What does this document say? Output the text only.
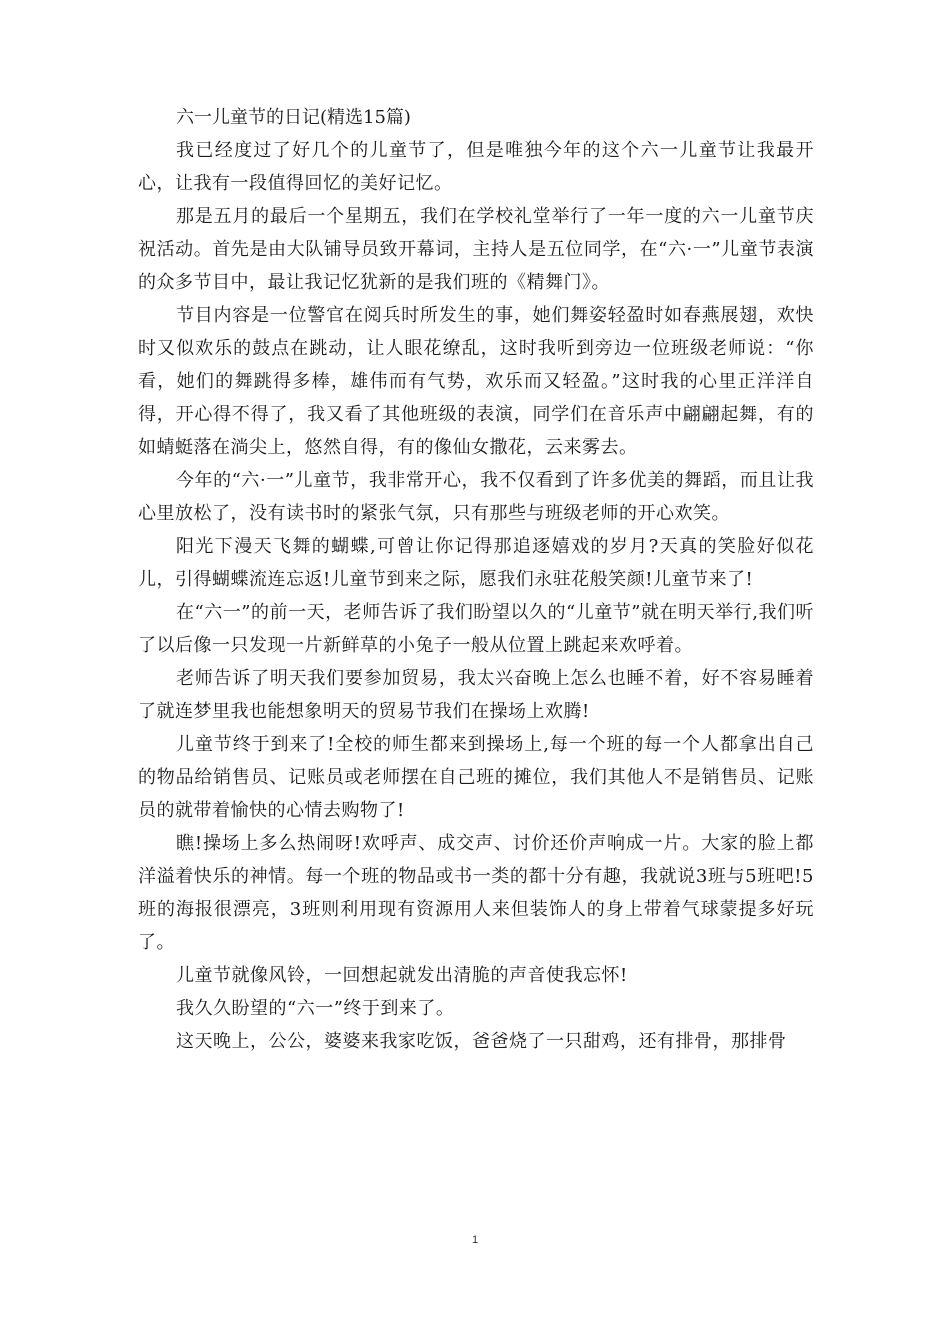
六一儿童节的日记(精选15篇)

我已经度过了好几个的儿童节了，但是唯独今年的这个六一儿童节让我最开心，让我有一段值得回忆的美好记忆。

那是五月的最后一个星期五，我们在学校礼堂举行了一年一度的六一儿童节庆祝活动。首先是由大队铺导员致开幕词，主持人是五位同学，在“六·一”儿童节表演的众多节目中，最让我记忆犹新的是我们班的《精舞门》。

节目内容是一位警官在阅兵时所发生的事，她们舞姿轻盈时如春燕展翅，欢快时又似欢乐的鼓点在跳动，让人眼花缭乱，这时我听到旁边一位班级老师说：“你看，她们的舞跳得多棒，雄伟而有气势，欢乐而又轻盈。”这时我的心里正洋洋自得，开心得不得了，我又看了其他班级的表演，同学们在音乐声中翩翩起舞，有的如蜻蜓落在淌尖上，悠然自得，有的像仙女撒花，云来雾去。

今年的“六·一”儿童节，我非常开心，我不仅看到了许多优美的舞蹈，而且让我心里放松了，没有读书时的紧张气氛，只有那些与班级老师的开心欢笑。

阳光下漫天飞舞的蝴蝶,可曾让你记得那追逐嬉戏的岁月?天真的笑脸好似花儿，引得蝴蝶流连忘返!儿童节到来之际，愿我们永驻花般笑颜!儿童节来了!

在“六一”的前一天，老师告诉了我们盼望以久的“儿童节”就在明天举行,我们听了以后像一只发现一片新鲜草的小兔子一般从位置上跳起来欢呼着。

老师告诉了明天我们要参加贸易，我太兴奋晚上怎么也睡不着，好不容易睡着了就连梦里我也能想象明天的贸易节我们在操场上欢腾!

儿童节终于到来了!全校的师生都来到操场上,每一个班的每一个人都拿出自己的物品给销售员、记账员或老师摆在自己班的摊位，我们其他人不是销售员、记账员的就带着愉快的心情去购物了!

瞧!操场上多么热闹呀!欢呼声、成交声、讨价还价声响成一片。大家的脸上都洋溢着快乐的神情。每一个班的物品或书一类的都十分有趣，我就说3班与5班吧!5班的海报很漂亮，3班则利用现有资源用人来但装饰人的身上带着气球蒙提多好玩了。

儿童节就像风铃，一回想起就发出清脆的声音使我忘怀!

我久久盼望的“六一”终于到来了。

这天晚上，公公，婆婆来我家吃饭，爸爸烧了一只甜鸡，还有排骨，那排骨

1
